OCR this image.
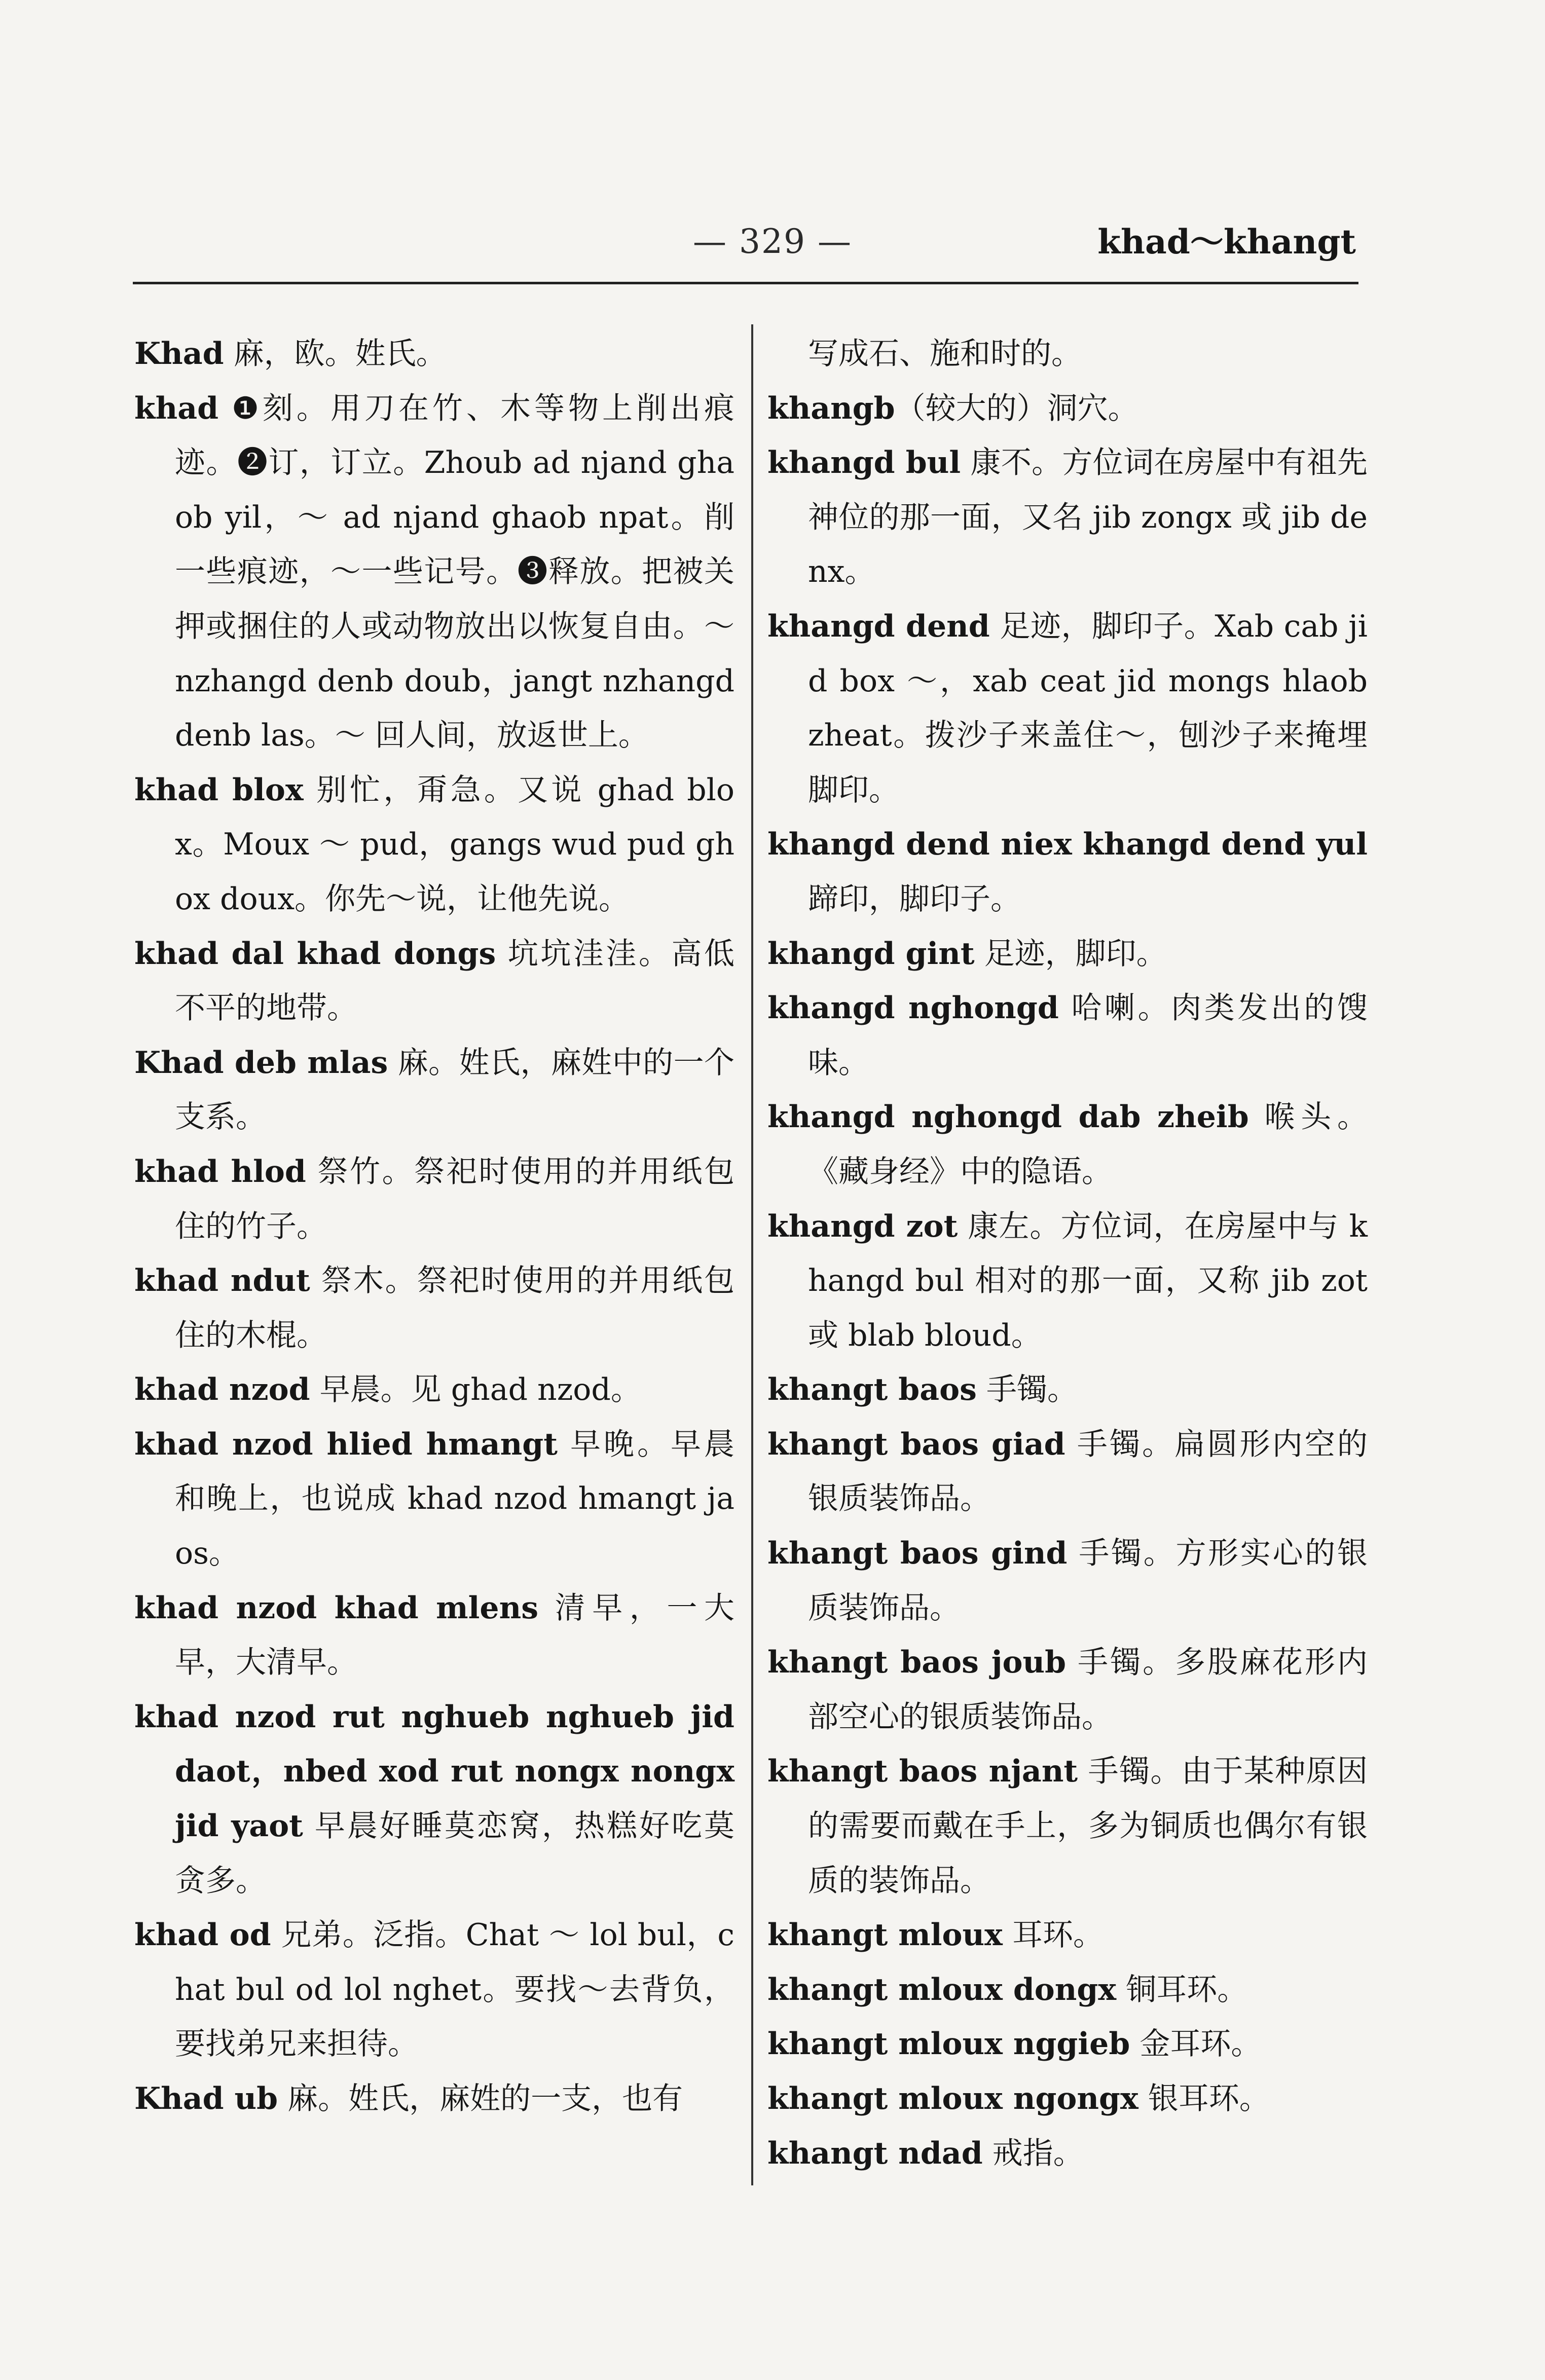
— 329 —	khad～khangt

Khad 麻，欧。姓氏。

khad ❶刻。用刀在竹、木等物上削出痕迹。❷订，订立。Zhoub ad njand ghaob yil，～ ad njand ghaob npat。削一些痕迹，～一些记号。❸释放。把被关押或捆住的人或动物放出以恢复自由。～ nzhangd denb doub，jangt nzhangd denb las。～ 回人间，放返世上。

khad blox 别忙，甭急。又说 ghad blox。Moux ～ pud，gangs wud pud ghox doux。你先～说，让他先说。

khad dal khad dongs 坑坑洼洼。高低不平的地带。

Khad deb mlas 麻。姓氏，麻姓中的一个支系。

khad hlod 祭竹。祭祀时使用的并用纸包住的竹子。

khad ndut 祭木。祭祀时使用的并用纸包住的木棍。

khad nzod 早晨。见 ghad nzod。

khad nzod hlied hmangt 早晚。早晨和晚上，也说成 khad nzod hmangt jaos。

khad nzod khad mlens 清早，一大早，大清早。

khad nzod rut nghueb nghueb jid daot，nbed xod rut nongx nongx jid yaot 早晨好睡莫恋窝，热糕好吃莫贪多。

khad od 兄弟。泛指。Chat ～ lol bul，chat bul od lol nghet。要找～去背负，要找弟兄来担待。

Khad ub 麻。姓氏，麻姓的一支，也有

写成石、施和时的。

khangb（较大的）洞穴。

khangd bul 康不。方位词在房屋中有祖先神位的那一面，又名 jib zongx 或 jib denx。

khangd dend 足迹，脚印子。Xab cab jid box ～，xab ceat jid mongs hlaob zheat。拨沙子来盖住～，刨沙子来掩埋脚印。

khangd dend niex khangd dend yul 蹄印，脚印子。

khangd gint 足迹，脚印。

khangd nghongd 哈喇。肉类发出的馊味。

khangd nghongd dab zheib 喉头。《藏身经》中的隐语。

khangd zot 康左。方位词，在房屋中与 khangd bul 相对的那一面，又称 jib zot 或 blab bloud。

khangt baos 手镯。

khangt baos giad 手镯。扁圆形内空的银质装饰品。

khangt baos gind 手镯。方形实心的银质装饰品。

khangt baos joub 手镯。多股麻花形内部空心的银质装饰品。

khangt baos njant 手镯。由于某种原因的需要而戴在手上，多为铜质也偶尔有银质的装饰品。

khangt mloux 耳环。

khangt mloux dongx 铜耳环。

khangt mloux nggieb 金耳环。

khangt mloux ngongx 银耳环。

khangt ndad 戒指。
